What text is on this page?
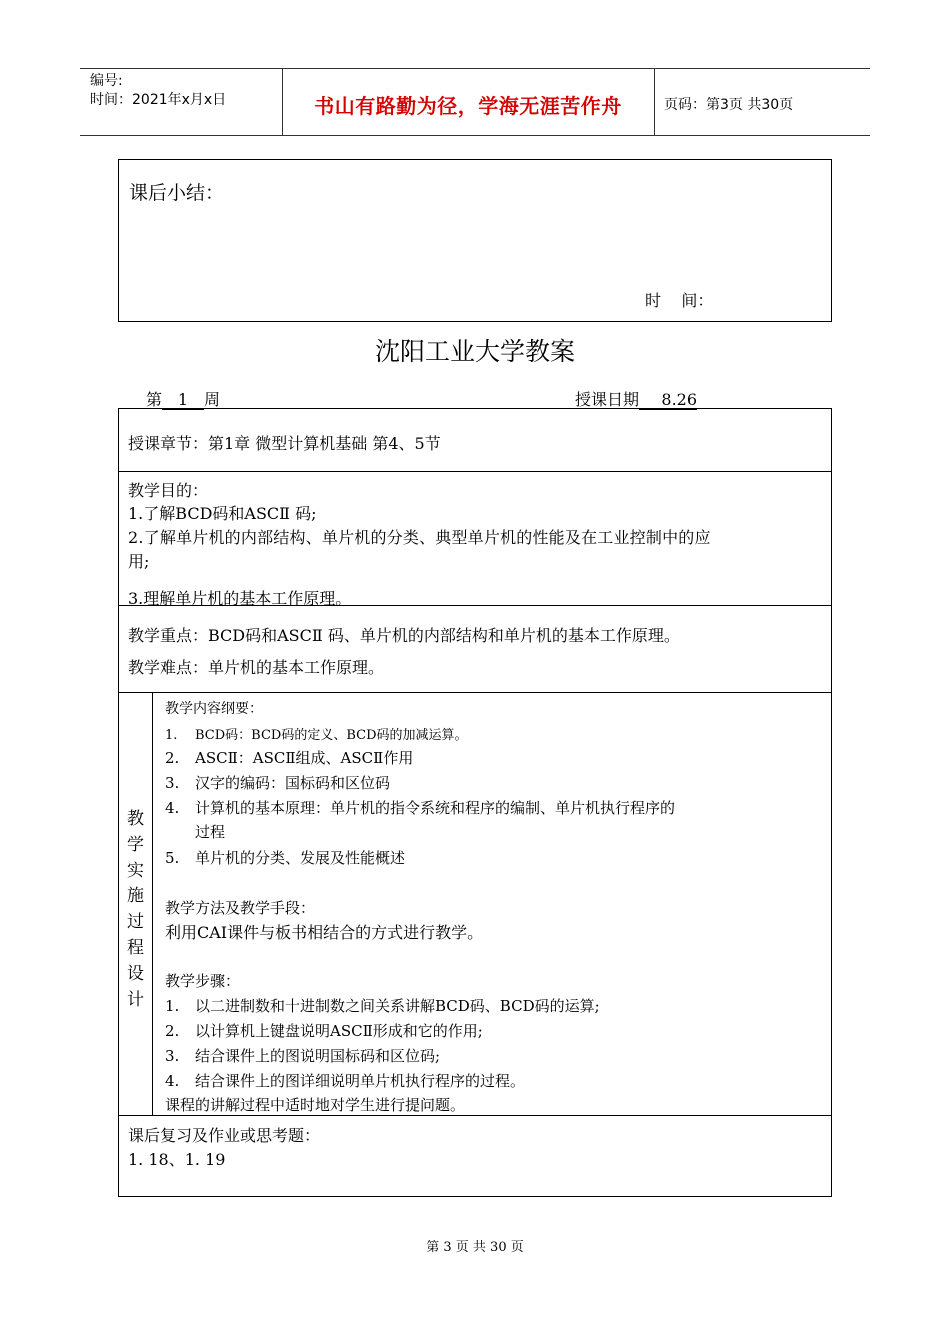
编号:
时间：2021年x月x日	书山有路勤为径，学海无涯苦作舟	页码：第3页 共30页
课后小结：
时    间：
沈阳工业大学教案
第 1 周	授课日期 8.26
授课章节：第1章 微型计算机基础 第4、5节
教学目的：
1.了解BCD码和ASCⅡ 码;
2.了解单片机的内部结构、单片机的分类、典型单片机的性能及在工业控制中的应
用;
3.理解单片机的基本工作原理。
教学重点：BCD码和ASCⅡ 码、单片机的内部结构和单片机的基本工作原理。
教学难点：单片机的基本工作原理。
教
学
实
施
过
程
设
计
教学内容纲要：
1. BCD码：BCD码的定义、BCD码的加减运算。
2. ASCⅡ：ASCⅡ组成、ASCⅡ作用
3. 汉字的编码：国标码和区位码
4. 计算机的基本原理：单片机的指令系统和程序的编制、单片机执行程序的
过程
5. 单片机的分类、发展及性能概述
教学方法及教学手段：
利用CAI课件与板书相结合的方式进行教学。
教学步骤：
1. 以二进制数和十进制数之间关系讲解BCD码、BCD码的运算;
2. 以计算机上键盘说明ASCⅡ形成和它的作用;
3. 结合课件上的图说明国标码和区位码;
4. 结合课件上的图详细说明单片机执行程序的过程。
课程的讲解过程中适时地对学生进行提问题。
课后复习及作业或思考题：
1. 18、1. 19
第 3 页 共 30 页
